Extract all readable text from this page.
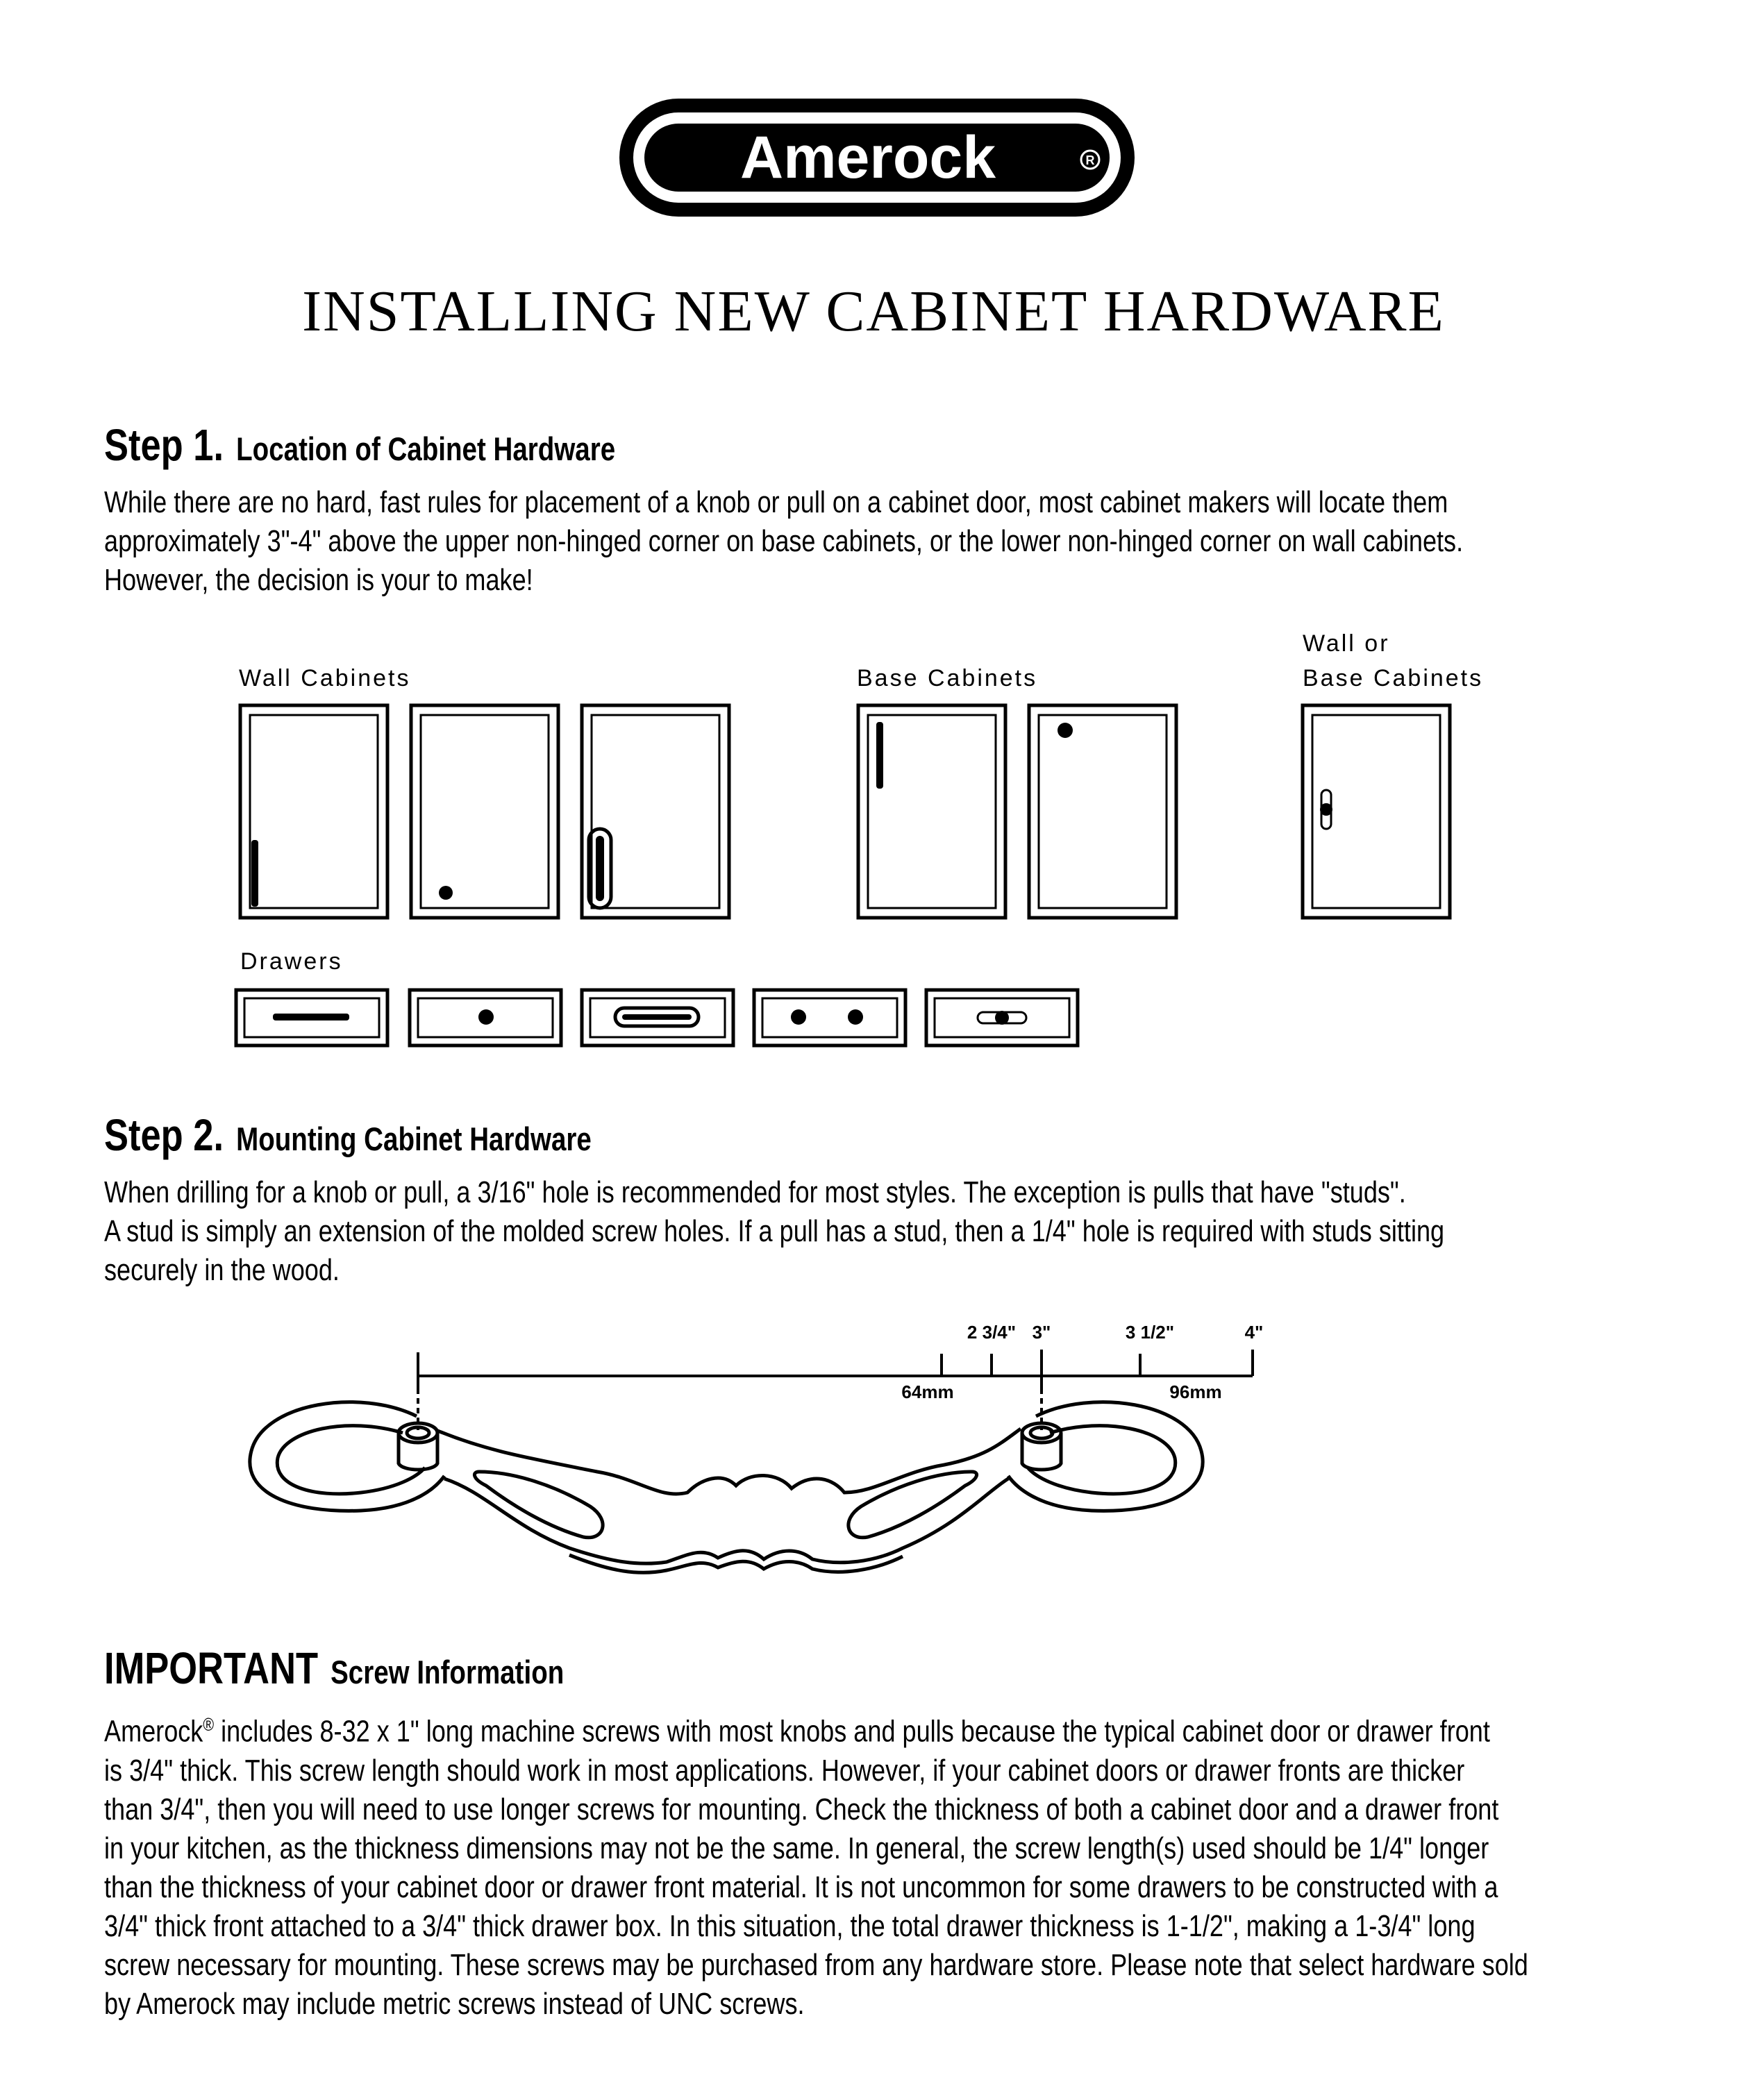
Amerock	R
INSTALLING NEW CABINET HARDWARE
Step 1. Location of Cabinet Hardware

While there are no hard, fast rules for placement of a knob or pull on a cabinet door, most cabinet makers will locate them
approximately 3"-4" above the upper non-hinged corner on base cabinets, or the lower non-hinged corner on wall cabinets.
However, the decision is your to make!

Wall Cabinets	Base Cabinets

Wall or

Base Cabinets

Drawers

Step 2. Mounting Cabinet Hardware

When drilling for a knob or pull, a 3/16" hole is recommended for most styles. The exception is pulls that have "studs".
A stud is simply an extension of the molded screw holes. If a pull has a stud, then a 1/4" hole is required with studs sitting
securely in the wood.

2 3/4" 3"	3 1/2"	4"
64mm	96mm
IMPORTANT Screw Information

Amerock® includes 8-32 x 1" long machine screws with most knobs and pulls because the typical cabinet door or drawer front
is 3/4" thick. This screw length should work in most applications. However, if your cabinet doors or drawer fronts are thicker
than 3/4", then you will need to use longer screws for mounting. Check the thickness of both a cabinet door and a drawer front
in your kitchen, as the thickness dimensions may not be the same. In general, the screw length(s) used should be 1/4" longer
than the thickness of your cabinet door or drawer front material. It is not uncommon for some drawers to be constructed with a
3/4" thick front attached to a 3/4" thick drawer box. In this situation, the total drawer thickness is 1-1/2", making a 1-3/4" long
screw necessary for mounting. These screws may be purchased from any hardware store. Please note that select hardware sold
by Amerock may include metric screws instead of UNC screws.
